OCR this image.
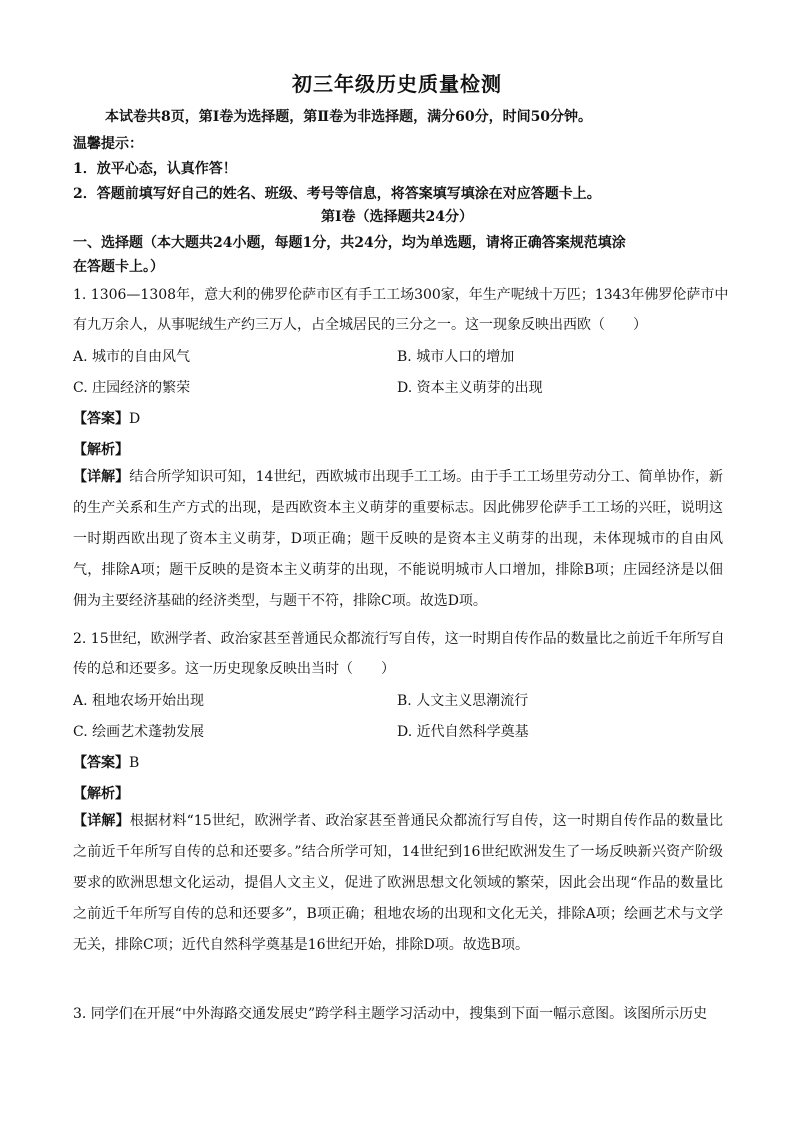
初三年级历史质量检测
本试卷共8页，第Ⅰ卷为选择题，第Ⅱ卷为非选择题，满分60分，时间50分钟。
温馨提示：
1．放平心态，认真作答！
2．答题前填写好自己的姓名、班级、考号等信息，将答案填写填涂在对应答题卡上。
第Ⅰ卷（选择题共24分）
一、选择题（本大题共24小题，每题1分，共24分，均为单选题，请将正确答案规范填涂
在答题卡上。）
1. 1306—1308年，意大利的佛罗伦萨市区有手工工场300家，年生产呢绒十万匹；1343年佛罗伦萨市中
有九万余人，从事呢绒生产约三万人，占全城居民的三分之一。这一现象反映出西欧（　　）
A. 城市的自由风气	B. 城市人口的增加
C. 庄园经济的繁荣	D. 资本主义萌芽的出现
【答案】D
【解析】
【详解】结合所学知识可知，14世纪，西欧城市出现手工工场。由于手工工场里劳动分工、简单协作，新的生产关系和生产方式的出现，是西欧资本主义萌芽的重要标志。因此佛罗伦萨手工工场的兴旺，说明这一时期西欧出现了资本主义萌芽，D项正确；题干反映的是资本主义萌芽的出现，未体现城市的自由风气，排除A项；题干反映的是资本主义萌芽的出现，不能说明城市人口增加，排除B项；庄园经济是以佃佣为主要经济基础的经济类型，与题干不符，排除C项。故选D项。
2. 15世纪，欧洲学者、政治家甚至普通民众都流行写自传，这一时期自传作品的数量比之前近千年所写自
传的总和还要多。这一历史现象反映出当时（　　）
A. 租地农场开始出现	B. 人文主义思潮流行
C. 绘画艺术蓬勃发展	D. 近代自然科学奠基
【答案】B
【解析】
【详解】根据材料“15世纪，欧洲学者、政治家甚至普通民众都流行写自传，这一时期自传作品的数量比之前近千年所写自传的总和还要多。”结合所学可知，14世纪到16世纪欧洲发生了一场反映新兴资产阶级要求的欧洲思想文化运动，提倡人文主义，促进了欧洲思想文化领域的繁荣，因此会出现“作品的数量比之前近千年所写自传的总和还要多”，B项正确；租地农场的出现和文化无关，排除A项；绘画艺术与文学无关，排除C项；近代自然科学奠基是16世纪开始，排除D项。故选B项。
3. 同学们在开展“中外海路交通发展史”跨学科主题学习活动中，搜集到下面一幅示意图。该图所示历史
